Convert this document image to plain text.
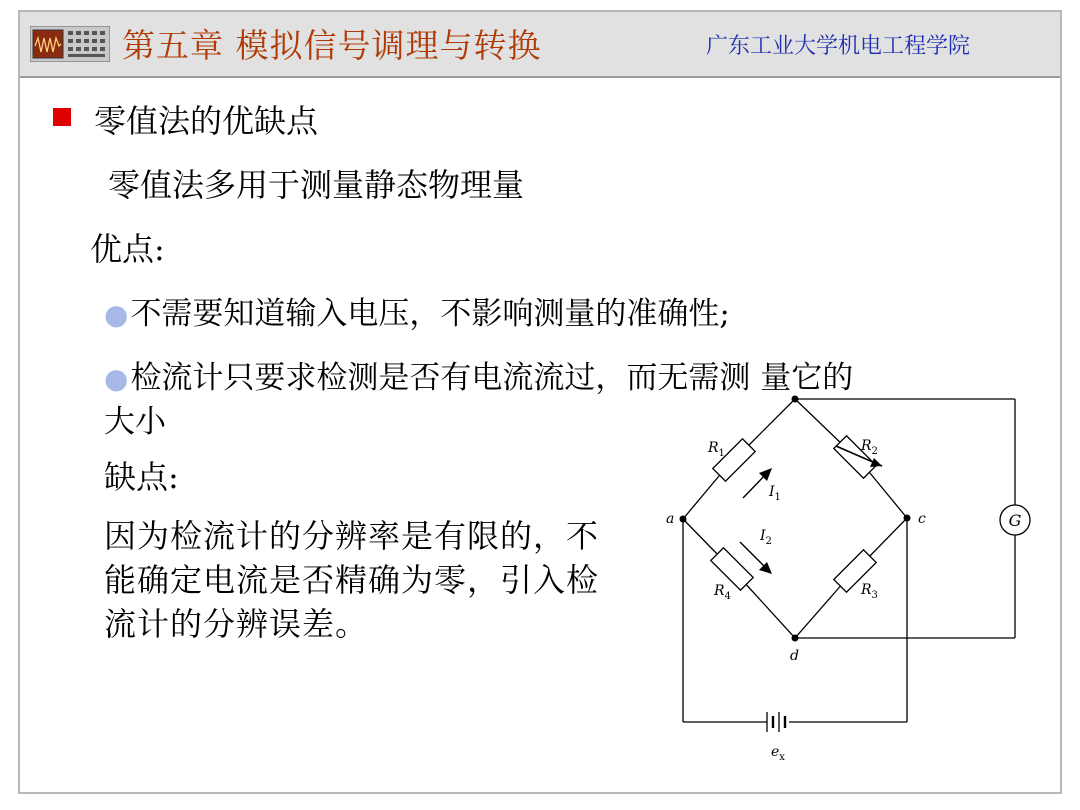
第五章 模拟信号调理与转换	广东工业大学机电工程学院
零值法的优缺点
零值法多用于测量静态物理量
优点:
●不需要知道输入电压，不影响测量的准确性;
●检流计只要求检测是否有电流流过，而无需测 量它的
大小
缺点:
因为检流计的分辨率是有限的，不
能确定电流是否精确为零，引入检
流计的分辨误差。
G
a	c
d
$R_1$	$R_2$
$R_3$
$R_4$
$I_1$
$I_2$
$e_x$
